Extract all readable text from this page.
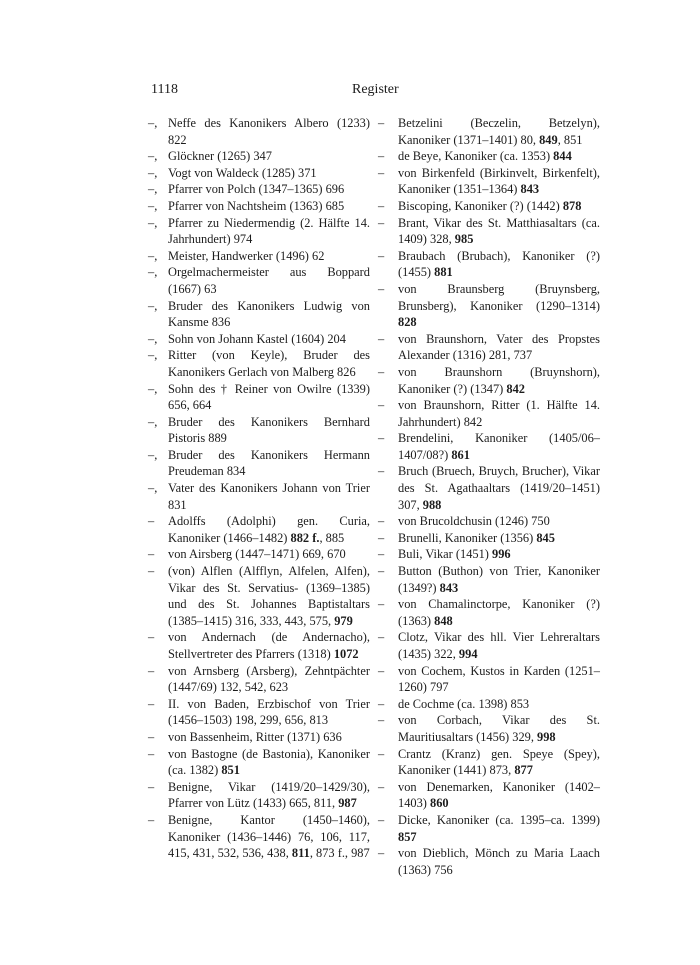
1118	Register
–, Neffe des Kanonikers Albero (1233) 822
–, Glöckner (1265) 347
–, Vogt von Waldeck (1285) 371
–, Pfarrer von Polch (1347–1365) 696
–, Pfarrer von Nachtsheim (1363) 685
–, Pfarrer zu Niedermendig (2. Hälfte 14. Jahrhundert) 974
–, Meister, Handwerker (1496) 62
–, Orgelmachermeister aus Boppard (1667) 63
–, Bruder des Kanonikers Ludwig von Kansme 836
–, Sohn von Johann Kastel (1604) 204
–, Ritter (von Keyle), Bruder des Kanonikers Gerlach von Malberg 826
–, Sohn des † Reiner von Owilre (1339) 656, 664
–, Bruder des Kanonikers Bernhard Pistoris 889
–, Bruder des Kanonikers Hermann Preudeman 834
–, Vater des Kanonikers Johann von Trier 831
– Adolffs (Adolphi) gen. Curia, Kanoniker (1466–1482) 882 f., 885
– von Airsberg (1447–1471) 669, 670
– (von) Alflen (Alfflyn, Alfelen, Alfen), Vikar des St. Servatius- (1369–1385) und des St. Johannes Baptistaltars (1385–1415) 316, 333, 443, 575, 979
– von Andernach (de Andernacho), Stellvertreter des Pfarrers (1318) 1072
– von Arnsberg (Arsberg), Zehntpächter (1447/69) 132, 542, 623
– II. von Baden, Erzbischof von Trier (1456–1503) 198, 299, 656, 813
– von Bassenheim, Ritter (1371) 636
– von Bastogne (de Bastonia), Kanoniker (ca. 1382) 851
– Benigne, Vikar (1419/20–1429/30), Pfarrer von Lütz (1433) 665, 811, 987
– Benigne, Kantor (1450–1460), Kanoniker (1436–1446) 76, 106, 117, 415, 431, 532, 536, 438, 811, 873 f., 987
– Betzelini (Beczelin, Betzelyn), Kanoniker (1371–1401) 80, 849, 851
– de Beye, Kanoniker (ca. 1353) 844
– von Birkenfeld (Birkinvelt, Birkenfelt), Kanoniker (1351–1364) 843
– Biscoping, Kanoniker (?) (1442) 878
– Brant, Vikar des St. Matthiasaltars (ca. 1409) 328, 985
– Braubach (Brubach), Kanoniker (?) (1455) 881
– von Braunsberg (Bruynsberg, Brunsberg), Kanoniker (1290–1314) 828
– von Braunshorn, Vater des Propstes Alexander (1316) 281, 737
– von Braunshorn (Bruynshorn), Kanoniker (?) (1347) 842
– von Braunshorn, Ritter (1. Hälfte 14. Jahrhundert) 842
– Brendelini, Kanoniker (1405/06–1407/08?) 861
– Bruch (Bruech, Bruych, Brucher), Vikar des St. Agathaaltars (1419/20–1451) 307, 988
– von Brucoldchusin (1246) 750
– Brunelli, Kanoniker (1356) 845
– Buli, Vikar (1451) 996
– Button (Buthon) von Trier, Kanoniker (1349?) 843
– von Chamalinctorpe, Kanoniker (?) (1363) 848
– Clotz, Vikar des hll. Vier Lehreraltars (1435) 322, 994
– von Cochem, Kustos in Karden (1251–1260) 797
– de Cochme (ca. 1398) 853
– von Corbach, Vikar des St. Mauritiusaltars (1456) 329, 998
– Crantz (Kranz) gen. Speye (Spey), Kanoniker (1441) 873, 877
– von Denemarken, Kanoniker (1402–1403) 860
– Dicke, Kanoniker (ca. 1395–ca. 1399) 857
– von Dieblich, Mönch zu Maria Laach (1363) 756
